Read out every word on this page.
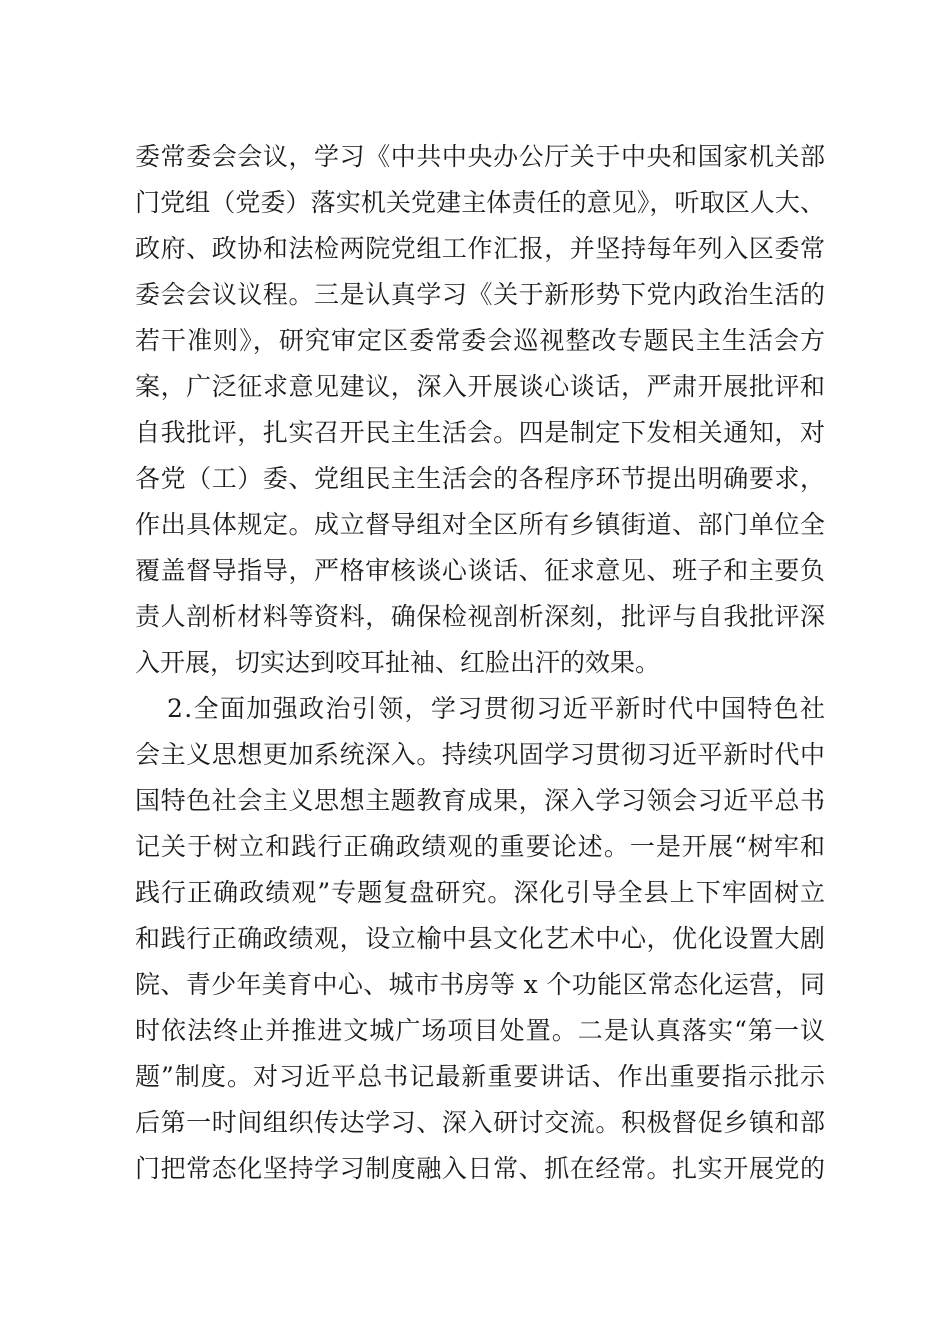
委常委会会议，学习《中共中央办公厅关于中央和国家机关部
门党组（党委）落实机关党建主体责任的意见》，听取区人大、
政府、政协和法检两院党组工作汇报，并坚持每年列入区委常
委会会议议程。三是认真学习《关于新形势下党内政治生活的
若干准则》，研究审定区委常委会巡视整改专题民主生活会方
案，广泛征求意见建议，深入开展谈心谈话，严肃开展批评和
自我批评，扎实召开民主生活会。四是制定下发相关通知，对
各党（工）委、党组民主生活会的各程序环节提出明确要求，
作出具体规定。成立督导组对全区所有乡镇街道、部门单位全
覆盖督导指导，严格审核谈心谈话、征求意见、班子和主要负
责人剖析材料等资料，确保检视剖析深刻，批评与自我批评深
入开展，切实达到咬耳扯袖、红脸出汗的效果。
2.全面加强政治引领，学习贯彻习近平新时代中国特色社
会主义思想更加系统深入。持续巩固学习贯彻习近平新时代中
国特色社会主义思想主题教育成果，深入学习领会习近平总书
记关于树立和践行正确政绩观的重要论述。一是开展“树牢和
践行正确政绩观”专题复盘研究。深化引导全县上下牢固树立
和践行正确政绩观，设立榆中县文化艺术中心，优化设置大剧
院、青少年美育中心、城市书房等 x 个功能区常态化运营，同
时依法终止并推进文城广场项目处置。二是认真落实“第一议
题”制度。对习近平总书记最新重要讲话、作出重要指示批示
后第一时间组织传达学习、深入研讨交流。积极督促乡镇和部
门把常态化坚持学习制度融入日常、抓在经常。扎实开展党的
